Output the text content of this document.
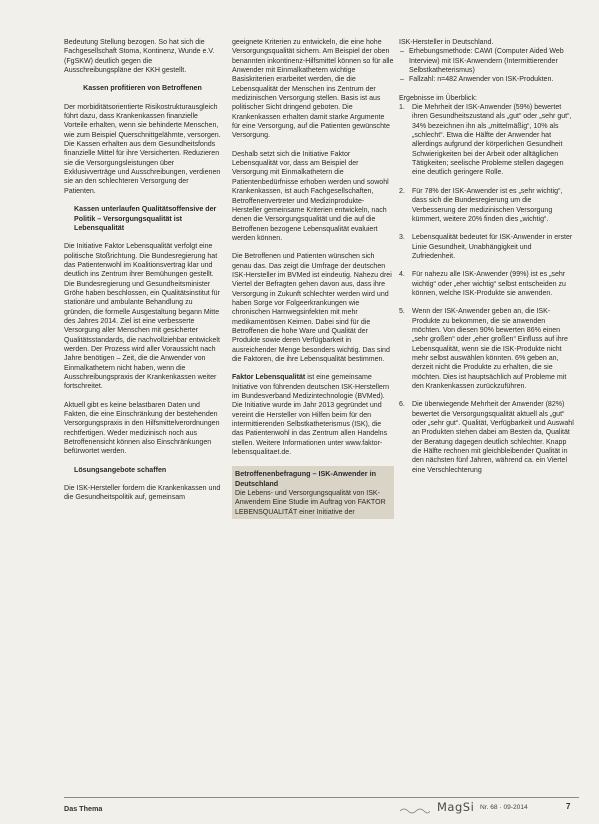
Bedeutung Stellung bezogen. So hat sich die Fachgesellschaft Stoma, Kontinenz, Wunde e.V. (FgSKW) deutlich gegen die Ausschreibungspläne der KKH gestellt.

Kassen profitieren von Betroffenen

Der morbiditätsorientierte Risikostrukturausgleich führt dazu, dass Krankenkassen finanzielle Vorteile erhalten, wenn sie behinderte Menschen, wie zum Beispiel Querschnittgelähmte, versorgen. Die Kassen erhalten aus dem Gesundheitsfonds finanzielle Mittel für ihre Versicherten. Reduzieren sie die Versorgungsleistungen über Exklusivverträge und Ausschreibungen, verdienen sie an den schlechteren Versorgung der Patienten.

Kassen unterlaufen Qualitätsoffensive der Politik – Versorgungsqualität ist Lebensqualität

Die Initiative Faktor Lebensqualität verfolgt eine politische Stoßrichtung. Die Bundesregierung hat das Patientenwohl im Koalitionsvertrag klar und deutlich ins Zentrum ihrer Bemühungen gestellt. Die Bundesregierung und Gesundheitsminister Gröhe haben beschlossen, ein Qualitätsinstitut für stationäre und ambulante Behandlung zu gründen, die formelle Ausgestaltung begann Mitte des Jahres 2014. Ziel ist eine verbesserte Versorgung aller Menschen mit gesicherter Qualitätsstandards, die nachvollziehbar entwickelt werden. Der Prozess wird aller Voraussicht nach Jahre benötigen – Zeit, die die Anwender von Einmalkathetern nicht haben, wenn die Ausschreibungspraxis der Krankenkassen weiter fortschreitet.

Aktuell gibt es keine belastbaren Daten und Fakten, die eine Einschränkung der bestehenden Versorgungspraxis in den Hilfsmittelverordnungen rechtfertigen. Weder medizinisch noch aus Betroffenensicht können also Einschränkungen befürwortet werden.

Lösungsangebote schaffen

Die ISK-Hersteller fordern die Krankenkassen und die Gesundheitspolitik auf, gemeinsam

geeignete Kriterien zu entwickeln, die eine hohe Versorgungsqualität sichern. Am Beispiel der oben benannten inkontinenz-Hilfsmittel können so für alle Anwender mit Einmalkathetern wichtige Basiskriterien erarbeitet werden, die die Lebensqualität der Menschen ins Zentrum der medizinischen Versorgung stellen. Basis ist aus politischer Sicht dringend geboten. Die Krankenkassen erhalten damit starke Argumente für eine Versorgung, auf die Patienten gewünschte Versorgung.

Deshalb setzt sich die Initiative Faktor Lebensqualität vor, dass am Beispiel der Versorgung mit Einmalkathetern die Patientenbedürfnisse erhoben werden und sowohl Krankenkassen, ist auch Fachgesellschaften, Betroffenenvertreter und Medizinprodukte-Hersteller gemeinsame Kriterien entwickeln, nach denen die Versorgungsqualität und die auf die Betroffenen bezogene Lebensqualität evaluiert werden können.

Die Betroffenen und Patienten wünschen sich genau das. Das zeigt die Umfrage der deutschen ISK-Hersteller im BVMed ist eindeutig. Nahezu drei Viertel der Befragten gehen davon aus, dass ihre Versorgung in Zukunft schlechter werden wird und haben Sorge vor Folgeerkrankungen wie chronischen Harnwegsinfekten mit mehr medikamentösen Keimen. Dabei sind für die Betroffenen die hohe Ware und Qualität der Produkte sowie deren Verfügbarkeit in ausreichender Menge besonders wichtig. Das sind die Faktoren, die ihre Lebensqualität bestimmen.

Faktor Lebensqualität ist eine gemeinsame Initiative von führenden deutschen ISK-Herstellern im Bundesverband Medizintechnologie (BVMed). Die Initiative wurde im Jahr 2013 gegründet und vereint die Hersteller von Hilfen beim für den intermittierenden Selbstkatheterismus (ISK), die das Patientenwohl in das Zentrum allen Handelns stellen. Weitere Informationen unter www.faktor-lebensqualitaet.de.

Betroffenenbefragung – ISK-Anwender in Deutschland
Die Lebens- und Versorgungsqualität von ISK-Anwendern Eine Studie im Auftrag von FAKTOR LEBENSQUALITÄT einer Initiative der
ISK-Hersteller in Deutschland.
– Erhebungsmethode: CAWI (Computer Aided Web Interview) mit ISK-Anwendern (Intermittierender Selbstkatheterismus)
– Fallzahl: n=482 Anwender von ISK-Produkten.
Ergebnisse im Überblick:
1. Die Mehrheit der ISK-Anwender (59%) bewertet ihren Gesundheitszustand als „gut“ oder „sehr gut“, 34% bezeichnen ihn als „mittelmäßig“, 10% als „schlecht“. Etwa die Hälfte der Anwender hat allerdings aufgrund der körperlichen Gesundheit Schwierigkeiten bei der Arbeit oder alltäglichen Tätigkeiten; seelische Probleme stellen dagegen eine deutlich geringere Rolle.
2. Für 78% der ISK-Anwender ist es „sehr wichtig“, dass sich die Bundesregierung um die Verbesserung der medizinischen Versorgung kümmert, weitere 20% finden dies „wichtig“.
3. Lebensqualität bedeutet für ISK-Anwender in erster Linie Gesundheit, Unabhängigkeit und Zufriedenheit.
4. Für nahezu alle ISK-Anwender (99%) ist es „sehr wichtig“ oder „eher wichtig“ selbst entscheiden zu können, welche ISK-Produkte sie anwenden.
5. Wenn der ISK-Anwender geben an, die ISK-Produkte zu bekommen, die sie anwenden möchten. Von diesen 90% bewerten 86% einen „sehr großen“ oder „eher großen“ Einfluss auf ihre Lebensqualität, wenn sie die ISK-Produkte nicht mehr selbst auswählen könnten. 6% geben an, derzeit nicht die Produkte zu erhalten, die sie möchten. Dies ist hauptsächlich auf Probleme mit den Krankenkassen zurückzuführen.
6. Die überwiegende Mehrheit der Anwender (82%) bewertet die Versorgungsqualität aktuell als „gut“ oder „sehr gut“. Qualität, Verfügbarkeit und Auswahl an Produkten stehen dabei am Besten da, Qualität der Beratung dagegen deutlich schlechter. Knapp die Hälfte rechnen mit gleichbleibender Qualität in den nächsten fünf Jahren, während ca. ein Viertel eine Verschlechterung
Das Thema	MagSi Nr. 68 · 09-2014	7
